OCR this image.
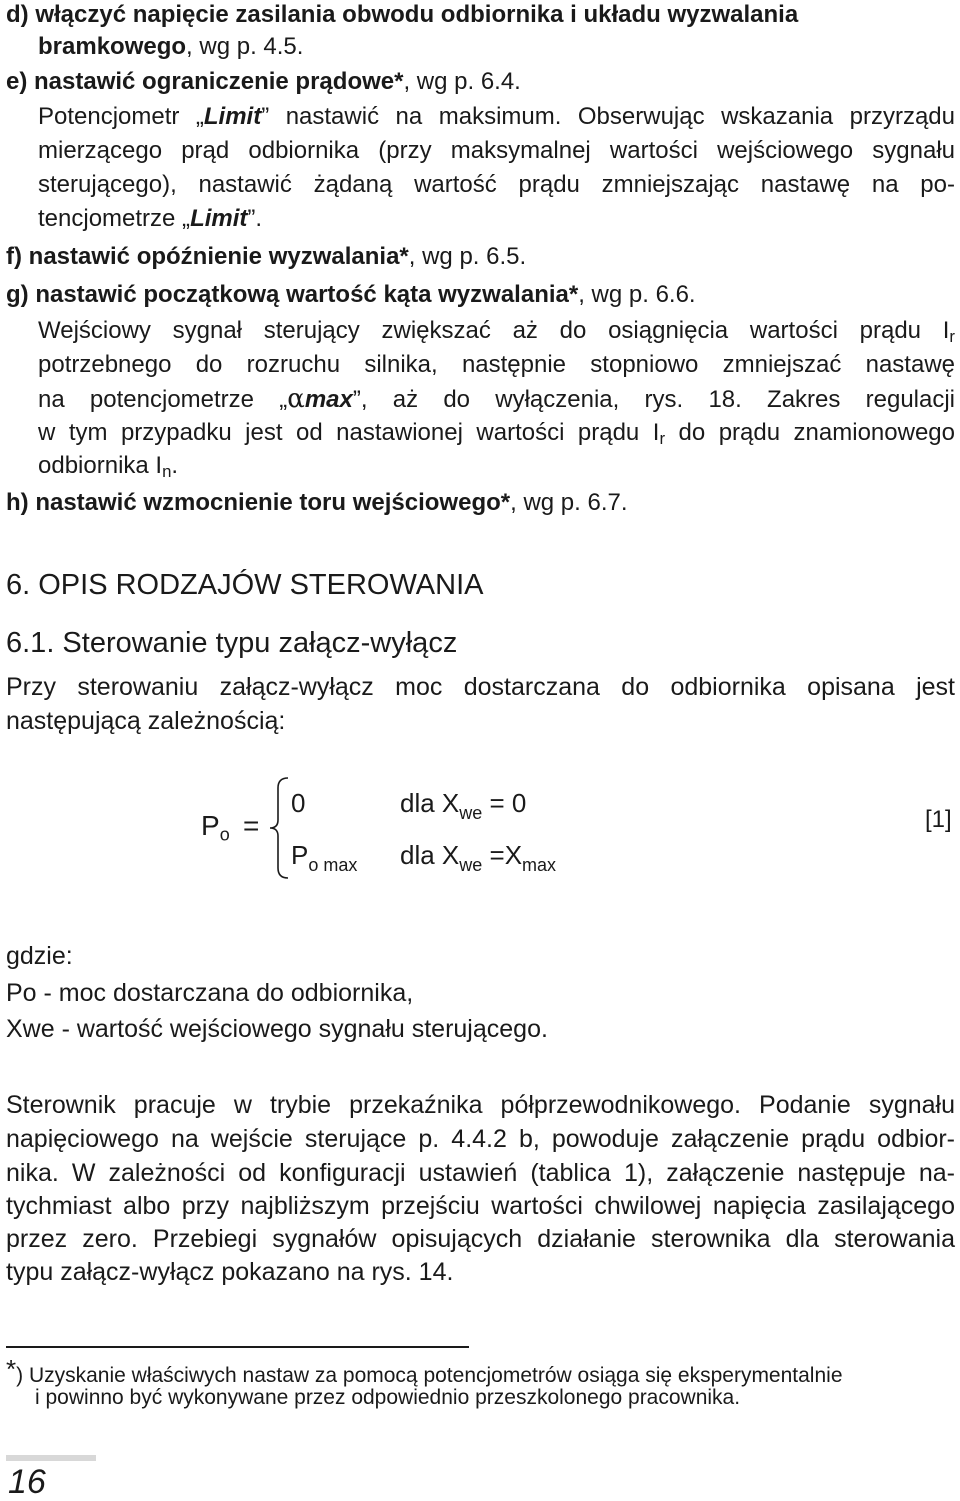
d) włączyć napięcie zasilania obwodu odbiornika i układu wyzwalania
bramkowego, wg p. 4.5.
e) nastawić ograniczenie prądowe*, wg p. 6.4.
Potencjometr „Limit” nastawić na maksimum. Obserwując wskazania przyrządu
mierzącego prąd odbiornika (przy maksymalnej wartości wejściowego sygnału
sterującego), nastawić żądaną wartość prądu zmniejszając nastawę na po-
tencjometrze „Limit”.
f) nastawić opóźnienie wyzwalania*, wg p. 6.5.
g) nastawić początkową wartość kąta wyzwalania*, wg p. 6.6.
Wejściowy sygnał sterujący zwiększać aż do osiągnięcia wartości prądu $I_r$
potrzebnego do rozruchu silnika, następnie stopniowo zmniejszać nastawę
na potencjometrze „αmax”, aż do wyłączenia, rys. 18. Zakres regulacji
w tym przypadku jest od nastawionej wartości prądu $I_r$ do prądu znamionowego
odbiornika $I_n$.
h) nastawić wzmocnienie toru wejściowego*, wg p. 6.7.
6. OPIS RODZAJÓW STEROWANIA
6.1. Sterowanie typu załącz-wyłącz
Przy sterowaniu załącz-wyłącz moc dostarczana do odbiornika opisana jest
następującą zależnością:
Po =
0	dla $X_{we} = 0$
$P_{o max}$ dla $X_{we} =X_{max}$
[1]
gdzie:
Po - moc dostarczana do odbiornika,
Xwe - wartość wejściowego sygnału sterującego.
Sterownik pracuje w trybie przekaźnika półprzewodnikowego. Podanie sygnału
napięciowego na wejście sterujące p. 4.4.2 b, powoduje załączenie prądu odbior-
nika. W zależności od konfiguracji ustawień (tablica 1), załączenie następuje na-
tychmiast albo przy najbliższym przejściu wartości chwilowej napięcia zasilającego
przez zero. Przebiegi sygnałów opisujących działanie sterownika dla sterowania
typu załącz-wyłącz pokazano na rys. 14.
*) Uzyskanie właściwych nastaw za pomocą potencjometrów osiąga się eksperymentalnie
i powinno być wykonywane przez odpowiednio przeszkolonego pracownika.
16
